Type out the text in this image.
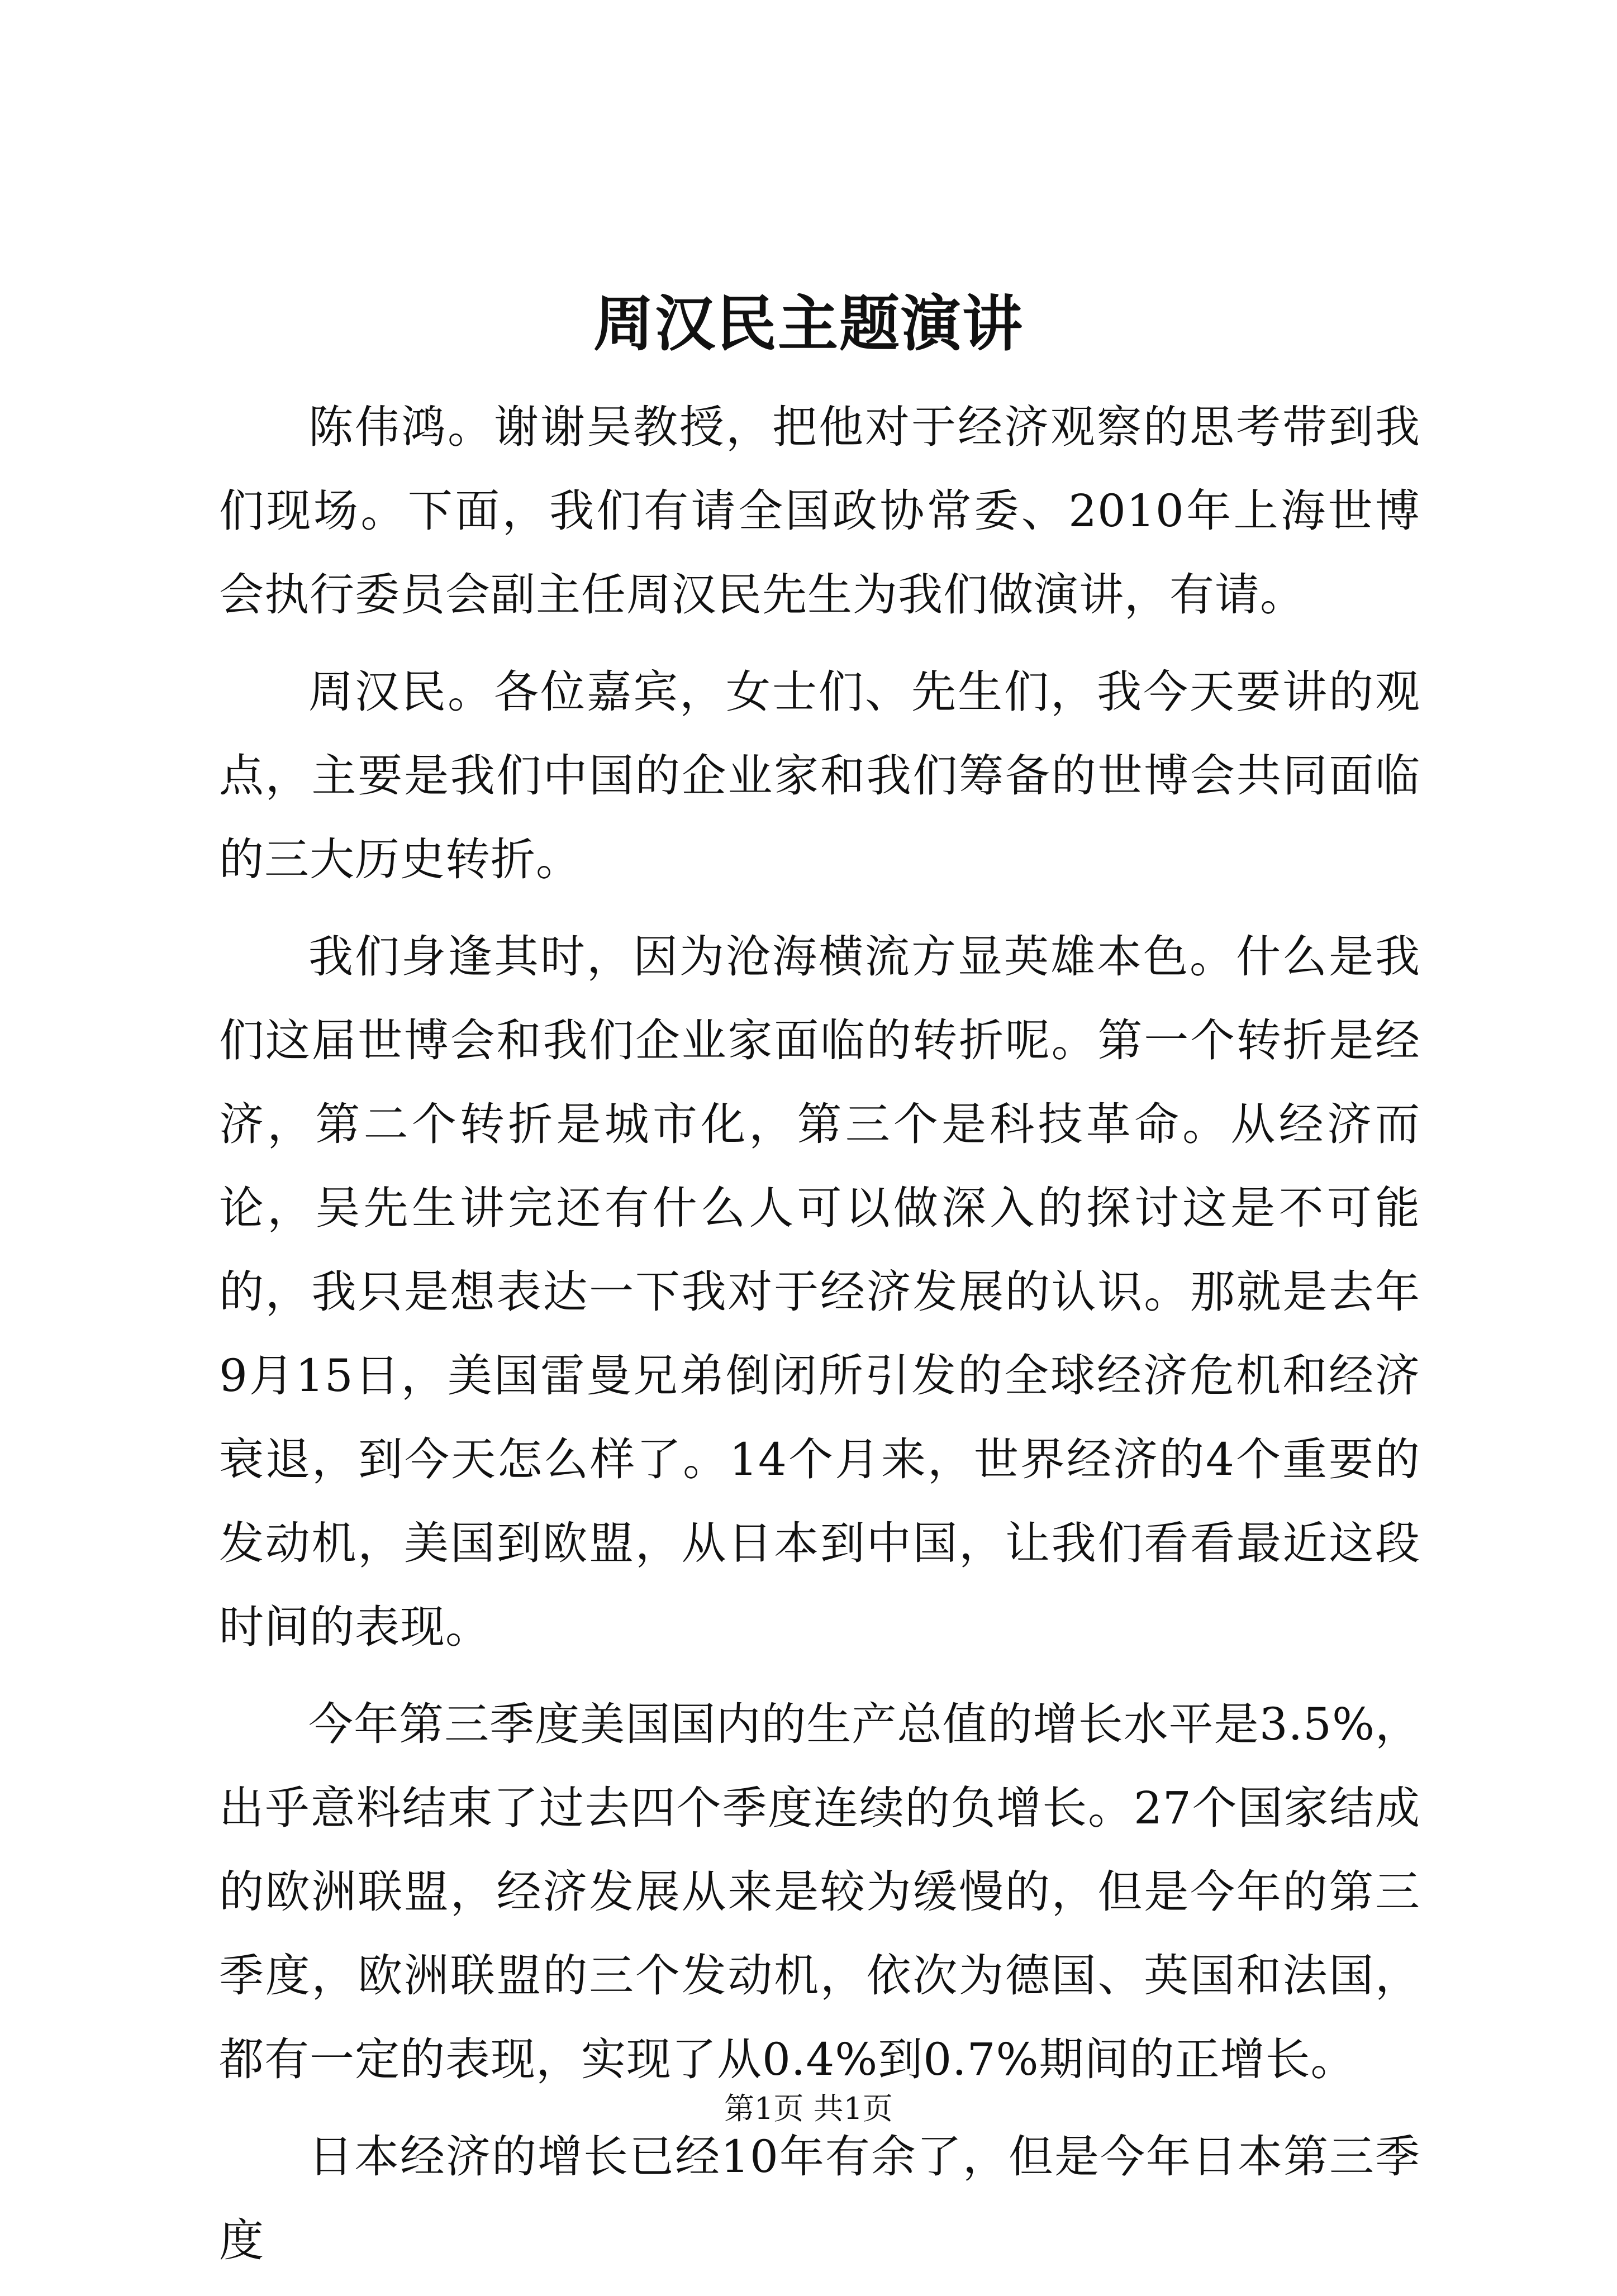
周汉民主题演讲

陈伟鸿。谢谢吴教授，把他对于经济观察的思考带到我们现场。下面，我们有请全国政协常委、2010年上海世博会执行委员会副主任周汉民先生为我们做演讲，有请。

周汉民。各位嘉宾，女士们、先生们，我今天要讲的观点，主要是我们中国的企业家和我们筹备的世博会共同面临的三大历史转折。

我们身逢其时，因为沧海横流方显英雄本色。什么是我们这届世博会和我们企业家面临的转折呢。第一个转折是经济，第二个转折是城市化，第三个是科技革命。从经济而论，吴先生讲完还有什么人可以做深入的探讨这是不可能的，我只是想表达一下我对于经济发展的认识。那就是去年9月15日，美国雷曼兄弟倒闭所引发的全球经济危机和经济衰退，到今天怎么样了。14个月来，世界经济的4个重要的发动机，美国到欧盟，从日本到中国，让我们看看最近这段时间的表现。

今年第三季度美国国内的生产总值的增长水平是3.5%，出乎意料结束了过去四个季度连续的负增长。27个国家结成的欧洲联盟，经济发展从来是较为缓慢的，但是今年的第三季度，欧洲联盟的三个发动机，依次为德国、英国和法国，都有一定的表现，实现了从0.4%到0.7%期间的正增长。

日本经济的增长已经10年有余了，但是今年日本第三季度

第1页 共1页
